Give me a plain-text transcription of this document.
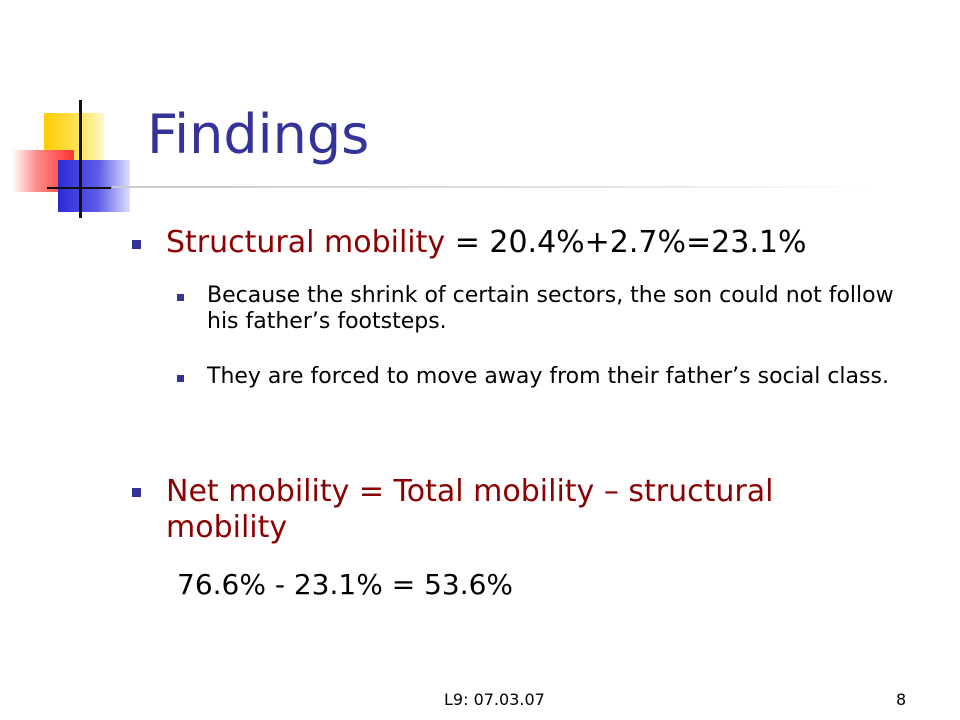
Findings
Structural mobility = 20.4%+2.7%=23.1%
Because the shrink of certain sectors, the son could not follow his father’s footsteps.
They are forced to move away from their father’s social class.
Net mobility = Total mobility – structural mobility
76.6% - 23.1% = 53.6%
L9: 07.03.07	8
